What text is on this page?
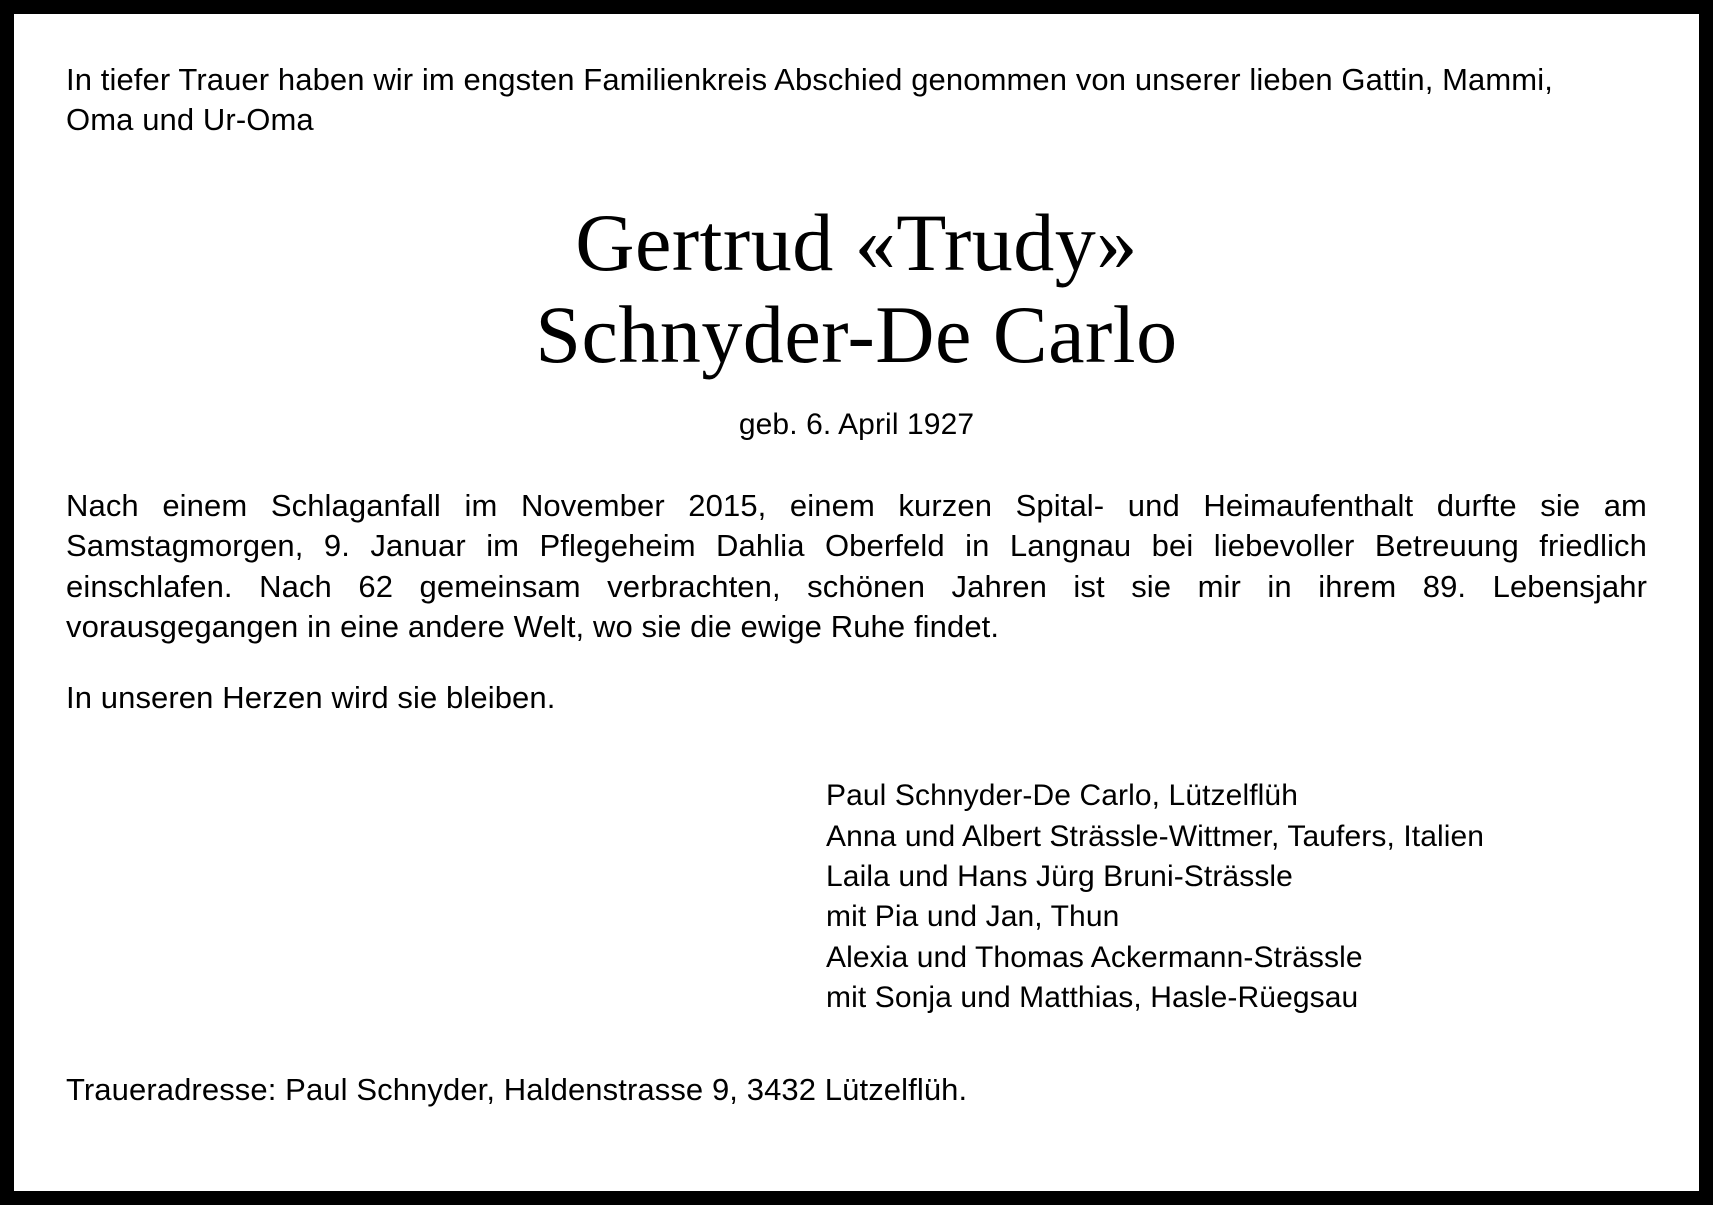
In tiefer Trauer haben wir im engsten Familienkreis Abschied genommen von unserer lieben Gattin, Mammi, Oma und Ur-Oma

Gertrud «Trudy»
Schnyder-De Carlo
geb. 6. April 1927

Nach einem Schlaganfall im November 2015, einem kurzen Spital- und Heimaufenthalt durfte sie am Samstagmorgen, 9. Januar im Pflegeheim Dahlia Oberfeld in Langnau bei liebevoller Betreuung friedlich einschlafen. Nach 62 gemeinsam verbrachten, schönen Jahren ist sie mir in ihrem 89. Lebensjahr vorausgegangen in eine andere Welt, wo sie die ewige Ruhe findet.

In unseren Herzen wird sie bleiben.

Paul Schnyder-De Carlo, Lützelflüh
Anna und Albert Strässle-Wittmer, Taufers, Italien
Laila und Hans Jürg Bruni-Strässle
mit Pia und Jan, Thun
Alexia und Thomas Ackermann-Strässle
mit Sonja und Matthias, Hasle-Rüegsau

Traueradresse: Paul Schnyder, Haldenstrasse 9, 3432 Lützelflüh.
